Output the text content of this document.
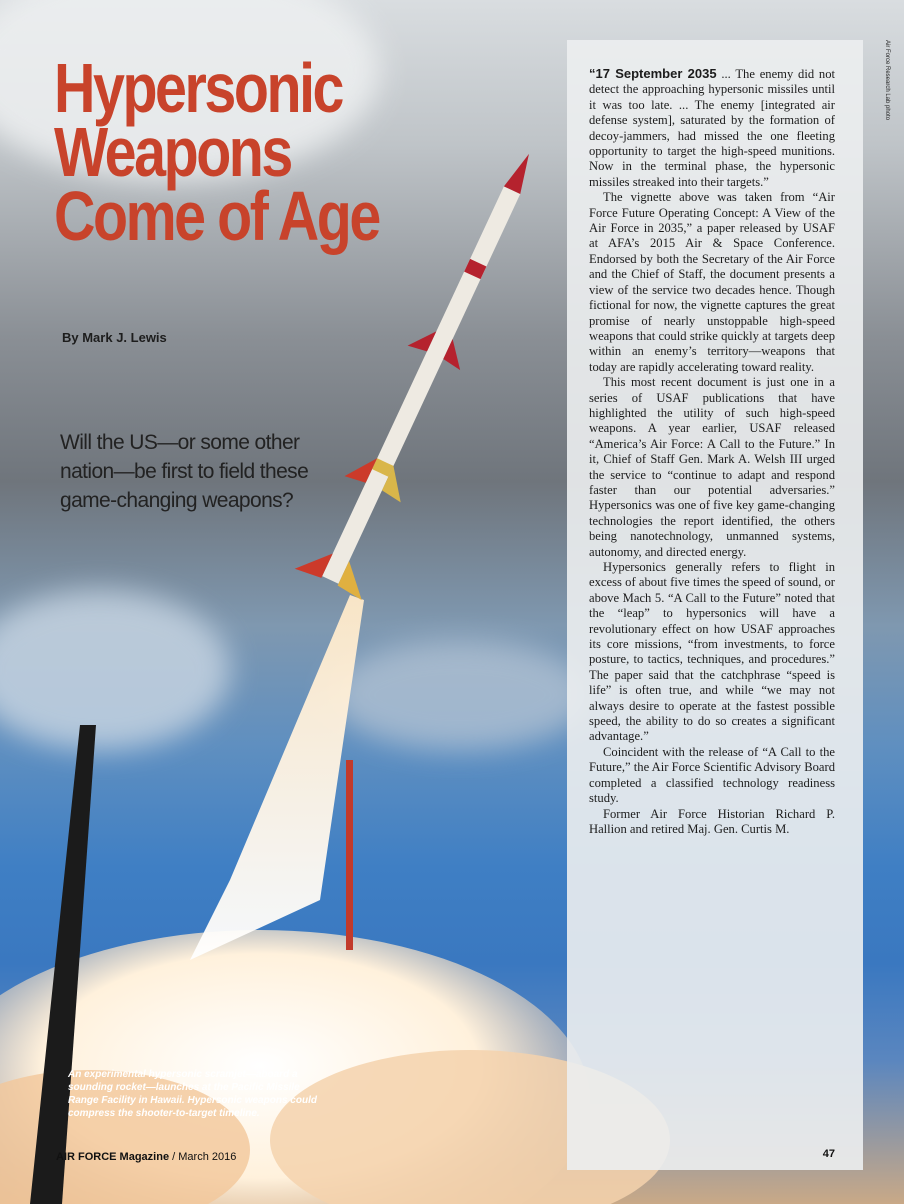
Air Force Research Lab photo
Hypersonic
Weapons
Come of Age
By Mark J. Lewis
Will the US—or some other nation—be first to field these game-changing weapons?
An experimental hypersonic scramjet—aboard a sounding rocket—launches at the Pacific Missile Range Facility in Hawaii. Hypersonic weapons could compress the shooter-to-target timeline.
AIR FORCE Magazine / March 2016

“17 September 2035 ... The enemy did not detect the approaching hypersonic missiles until it was too late. ... The enemy [integrated air defense system], saturated by the formation of decoy-jammers, had missed the one fleeting opportunity to target the high-speed munitions. Now in the terminal phase, the hypersonic missiles streaked into their targets.”

The vignette above was taken from “Air Force Future Operating Concept: A View of the Air Force in 2035,” a paper released by USAF at AFA’s 2015 Air & Space Conference. Endorsed by both the Secretary of the Air Force and the Chief of Staff, the document presents a view of the service two decades hence. Though fictional for now, the vignette captures the great promise of nearly unstoppable high-speed weapons that could strike quickly at targets deep within an enemy’s territory—weapons that today are rapidly accelerating toward reality.

This most recent document is just one in a series of USAF publications that have highlighted the utility of such high-speed weapons. A year earlier, USAF released “America’s Air Force: A Call to the Future.” In it, Chief of Staff Gen. Mark A. Welsh III urged the service to “continue to adapt and respond faster than our potential adversaries.” Hypersonics was one of five key game-changing technologies the report identified, the others being nanotechnology, unmanned systems, autonomy, and directed energy.

Hypersonics generally refers to flight in excess of about five times the speed of sound, or above Mach 5. “A Call to the Future” noted that the “leap” to hypersonics will have a revolutionary effect on how USAF approaches its core missions, “from investments, to force posture, to tactics, techniques, and procedures.” The paper said that the catchphrase “speed is life” is often true, and while “we may not always desire to operate at the fastest possible speed, the ability to do so creates a significant advantage.”

Coincident with the release of “A Call to the Future,” the Air Force Scientific Advisory Board completed a classified technology readiness study.

Former Air Force Historian Richard P. Hallion and retired Maj. Gen. Curtis M.

47
